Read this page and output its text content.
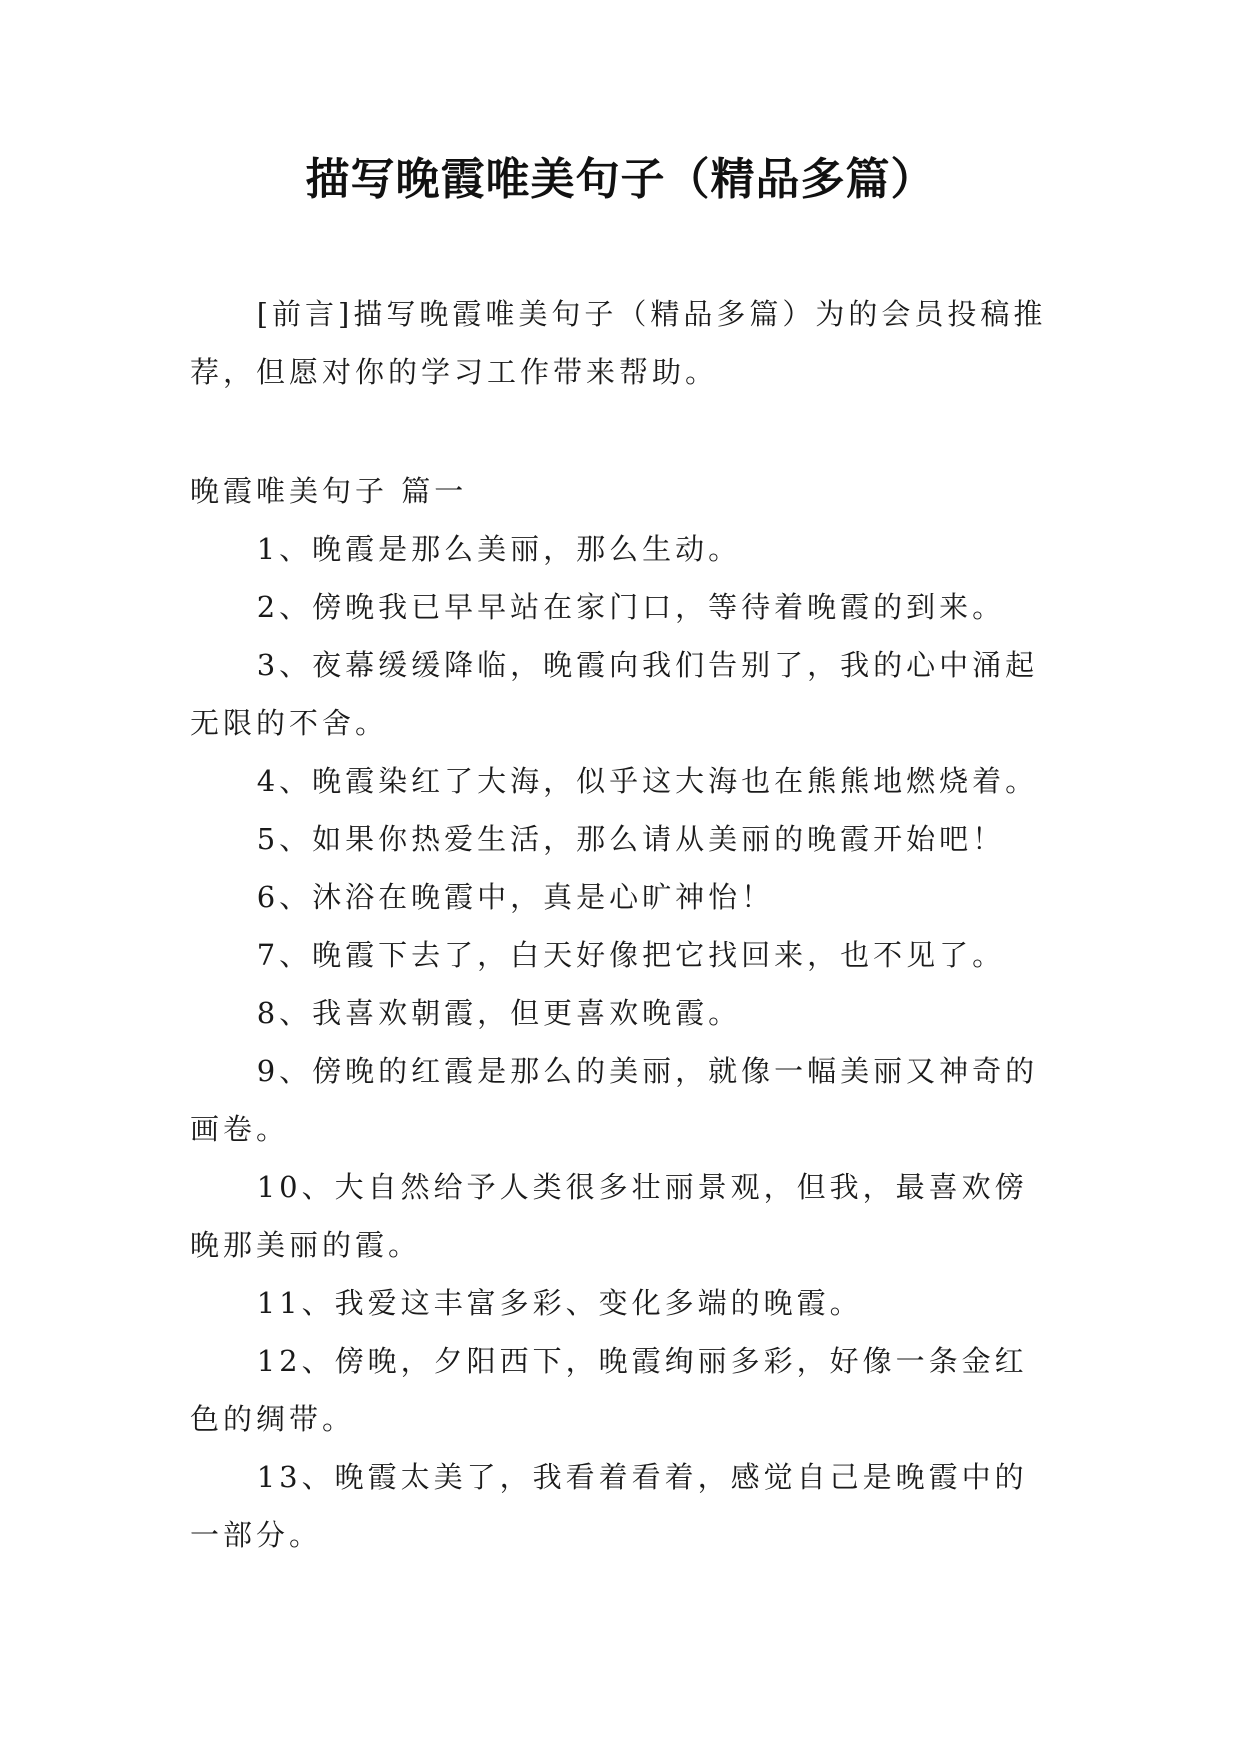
描写晚霞唯美句子（精品多篇）

[前言]描写晚霞唯美句子（精品多篇）为的会员投稿推荐，但愿对你的学习工作带来帮助。

晚霞唯美句子 篇一

1、晚霞是那么美丽，那么生动。

2、傍晚我已早早站在家门口，等待着晚霞的到来。

3、夜幕缓缓降临，晚霞向我们告别了，我的心中涌起无限的不舍。

4、晚霞染红了大海，似乎这大海也在熊熊地燃烧着。

5、如果你热爱生活，那么请从美丽的晚霞开始吧！

6、沐浴在晚霞中，真是心旷神怡！

7、晚霞下去了，白天好像把它找回来，也不见了。

8、我喜欢朝霞，但更喜欢晚霞。

9、傍晚的红霞是那么的美丽，就像一幅美丽又神奇的画卷。

10、大自然给予人类很多壮丽景观，但我，最喜欢傍晚那美丽的霞。

11、我爱这丰富多彩、变化多端的晚霞。

12、傍晚，夕阳西下，晚霞绚丽多彩，好像一条金红色的绸带。

13、晚霞太美了，我看着看着，感觉自己是晚霞中的一部分。
